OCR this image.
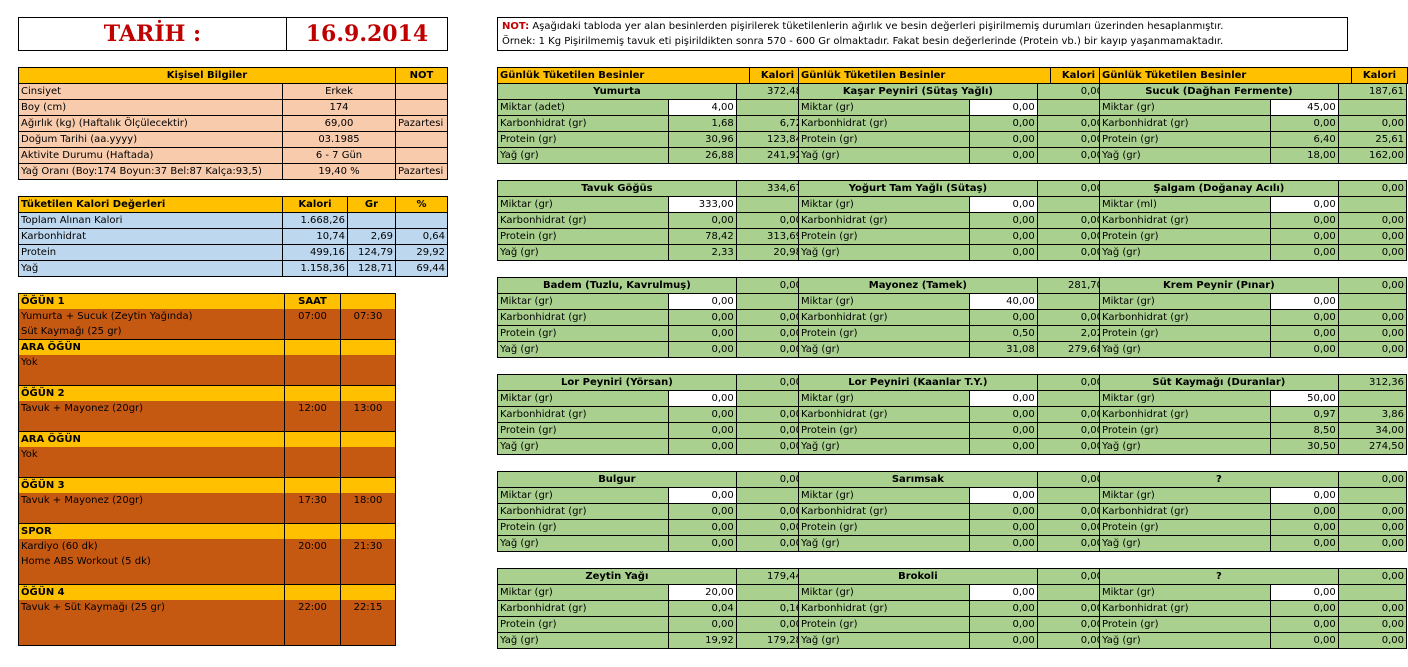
TARİH :	16.9.2014	NOT: Aşağıdaki tabloda yer alan besinlerden pişirilerek tüketilenlerin ağırlık ve besin değerleri pişirilmemiş durumları üzerinden hesaplanmıştır.
Örnek: 1 Kg Pişirilmemiş tavuk eti pişirildikten sonra 570 - 600 Gr olmaktadır. Fakat besin değerlerinde (Protein vb.) bir kayıp yaşanmamaktadır.
Kişisel Bilgiler		NOT
Cinsiyet	Erkek	
Boy (cm)	174	
Ağırlık (kg) (Haftalık Ölçülecektir)	69,00	Pazartesi
Doğum Tarihi (aa.yyyy)	03.1985	
Aktivite Durumu (Haftada)	6 - 7 Gün	
Yağ Oranı (Boy:174 Boyun:37 Bel:87 Kalça:93,5)	19,40 %	Pazartesi
Tüketilen Kalori Değerleri	Kalori	Gr	%
Toplam Alınan Kalori	1.668,26		
Karbonhidrat	10,74	2,69	0,64
Protein	499,16	124,79	29,92
Yağ	1.158,36	128,71	69,44
ÖĞÜN 1	SAAT	
Yumurta + Sucuk (Zeytin Yağında)	07:00	07:30
Süt Kaymağı (25 gr)		
ARA ÖĞÜN		
Yok		

ÖĞÜN 2		
Tavuk + Mayonez (20gr)	12:00	13:00

ARA ÖĞÜN		
Yok		

ÖĞÜN 3		
Tavuk + Mayonez (20gr)	17:30	18:00

SPOR		
Kardiyo (60 dk)	20:00	21:30
Home ABS Workout (5 dk)		

ÖĞÜN 4		
Tavuk + Süt Kaymağı (25 gr)	22:00	22:15

Günlük Tüketilen Besinler	Kalori
Yumurta		372,48
Miktar (adet)	4,00	
Karbonhidrat (gr)	1,68	6,72
Protein (gr)	30,96	123,84
Yağ (gr)	26,88	241,92
Tavuk Göğüs		334,67
Miktar (gr)	333,00	
Karbonhidrat (gr)	0,00	0,00
Protein (gr)	78,42	313,69
Yağ (gr)	2,33	20,98
Badem (Tuzlu, Kavrulmuş)		0,00
Miktar (gr)	0,00	
Karbonhidrat (gr)	0,00	0,00
Protein (gr)	0,00	0,00
Yağ (gr)	0,00	0,00
Lor Peyniri (Yörsan)		0,00
Miktar (gr)	0,00	
Karbonhidrat (gr)	0,00	0,00
Protein (gr)	0,00	0,00
Yağ (gr)	0,00	0,00
Bulgur		0,00
Miktar (gr)	0,00	
Karbonhidrat (gr)	0,00	0,00
Protein (gr)	0,00	0,00
Yağ (gr)	0,00	0,00
Zeytin Yağı		179,44
Miktar (gr)	20,00	
Karbonhidrat (gr)	0,04	0,16
Protein (gr)	0,00	0,00
Yağ (gr)	19,92	179,28
Günlük Tüketilen Besinler	Kalori
Kaşar Peyniri (Sütaş Yağlı)		0,00
Miktar (gr)	0,00	
Karbonhidrat (gr)	0,00	0,00
Protein (gr)	0,00	0,00
Yağ (gr)	0,00	0,00
Yoğurt Tam Yağlı (Sütaş)		0,00
Miktar (gr)	0,00	
Karbonhidrat (gr)	0,00	0,00
Protein (gr)	0,00	0,00
Yağ (gr)	0,00	0,00
Mayonez (Tamek)		281,70
Miktar (gr)	40,00	
Karbonhidrat (gr)	0,00	0,00
Protein (gr)	0,50	2,02
Yağ (gr)	31,08	279,68
Lor Peyniri (Kaanlar T.Y.)		0,00
Miktar (gr)	0,00	
Karbonhidrat (gr)	0,00	0,00
Protein (gr)	0,00	0,00
Yağ (gr)	0,00	0,00
Sarımsak		0,00
Miktar (gr)	0,00	
Karbonhidrat (gr)	0,00	0,00
Protein (gr)	0,00	0,00
Yağ (gr)	0,00	0,00
Brokoli		0,00
Miktar (gr)	0,00	
Karbonhidrat (gr)	0,00	0,00
Protein (gr)	0,00	0,00
Yağ (gr)	0,00	0,00
Günlük Tüketilen Besinler	Kalori
Sucuk (Dağhan Fermente)		187,61
Miktar (gr)	45,00	
Karbonhidrat (gr)	0,00	0,00
Protein (gr)	6,40	25,61
Yağ (gr)	18,00	162,00
Şalgam (Doğanay Acılı)		0,00
Miktar (ml)	0,00	
Karbonhidrat (gr)	0,00	0,00
Protein (gr)	0,00	0,00
Yağ (gr)	0,00	0,00
Krem Peynir (Pınar)		0,00
Miktar (gr)	0,00	
Karbonhidrat (gr)	0,00	0,00
Protein (gr)	0,00	0,00
Yağ (gr)	0,00	0,00
Süt Kaymağı (Duranlar)		312,36
Miktar (gr)	50,00	
Karbonhidrat (gr)	0,97	3,86
Protein (gr)	8,50	34,00
Yağ (gr)	30,50	274,50
?		0,00
Miktar (gr)	0,00	
Karbonhidrat (gr)	0,00	0,00
Protein (gr)	0,00	0,00
Yağ (gr)	0,00	0,00
?		0,00
Miktar (gr)	0,00	
Karbonhidrat (gr)	0,00	0,00
Protein (gr)	0,00	0,00
Yağ (gr)	0,00	0,00
